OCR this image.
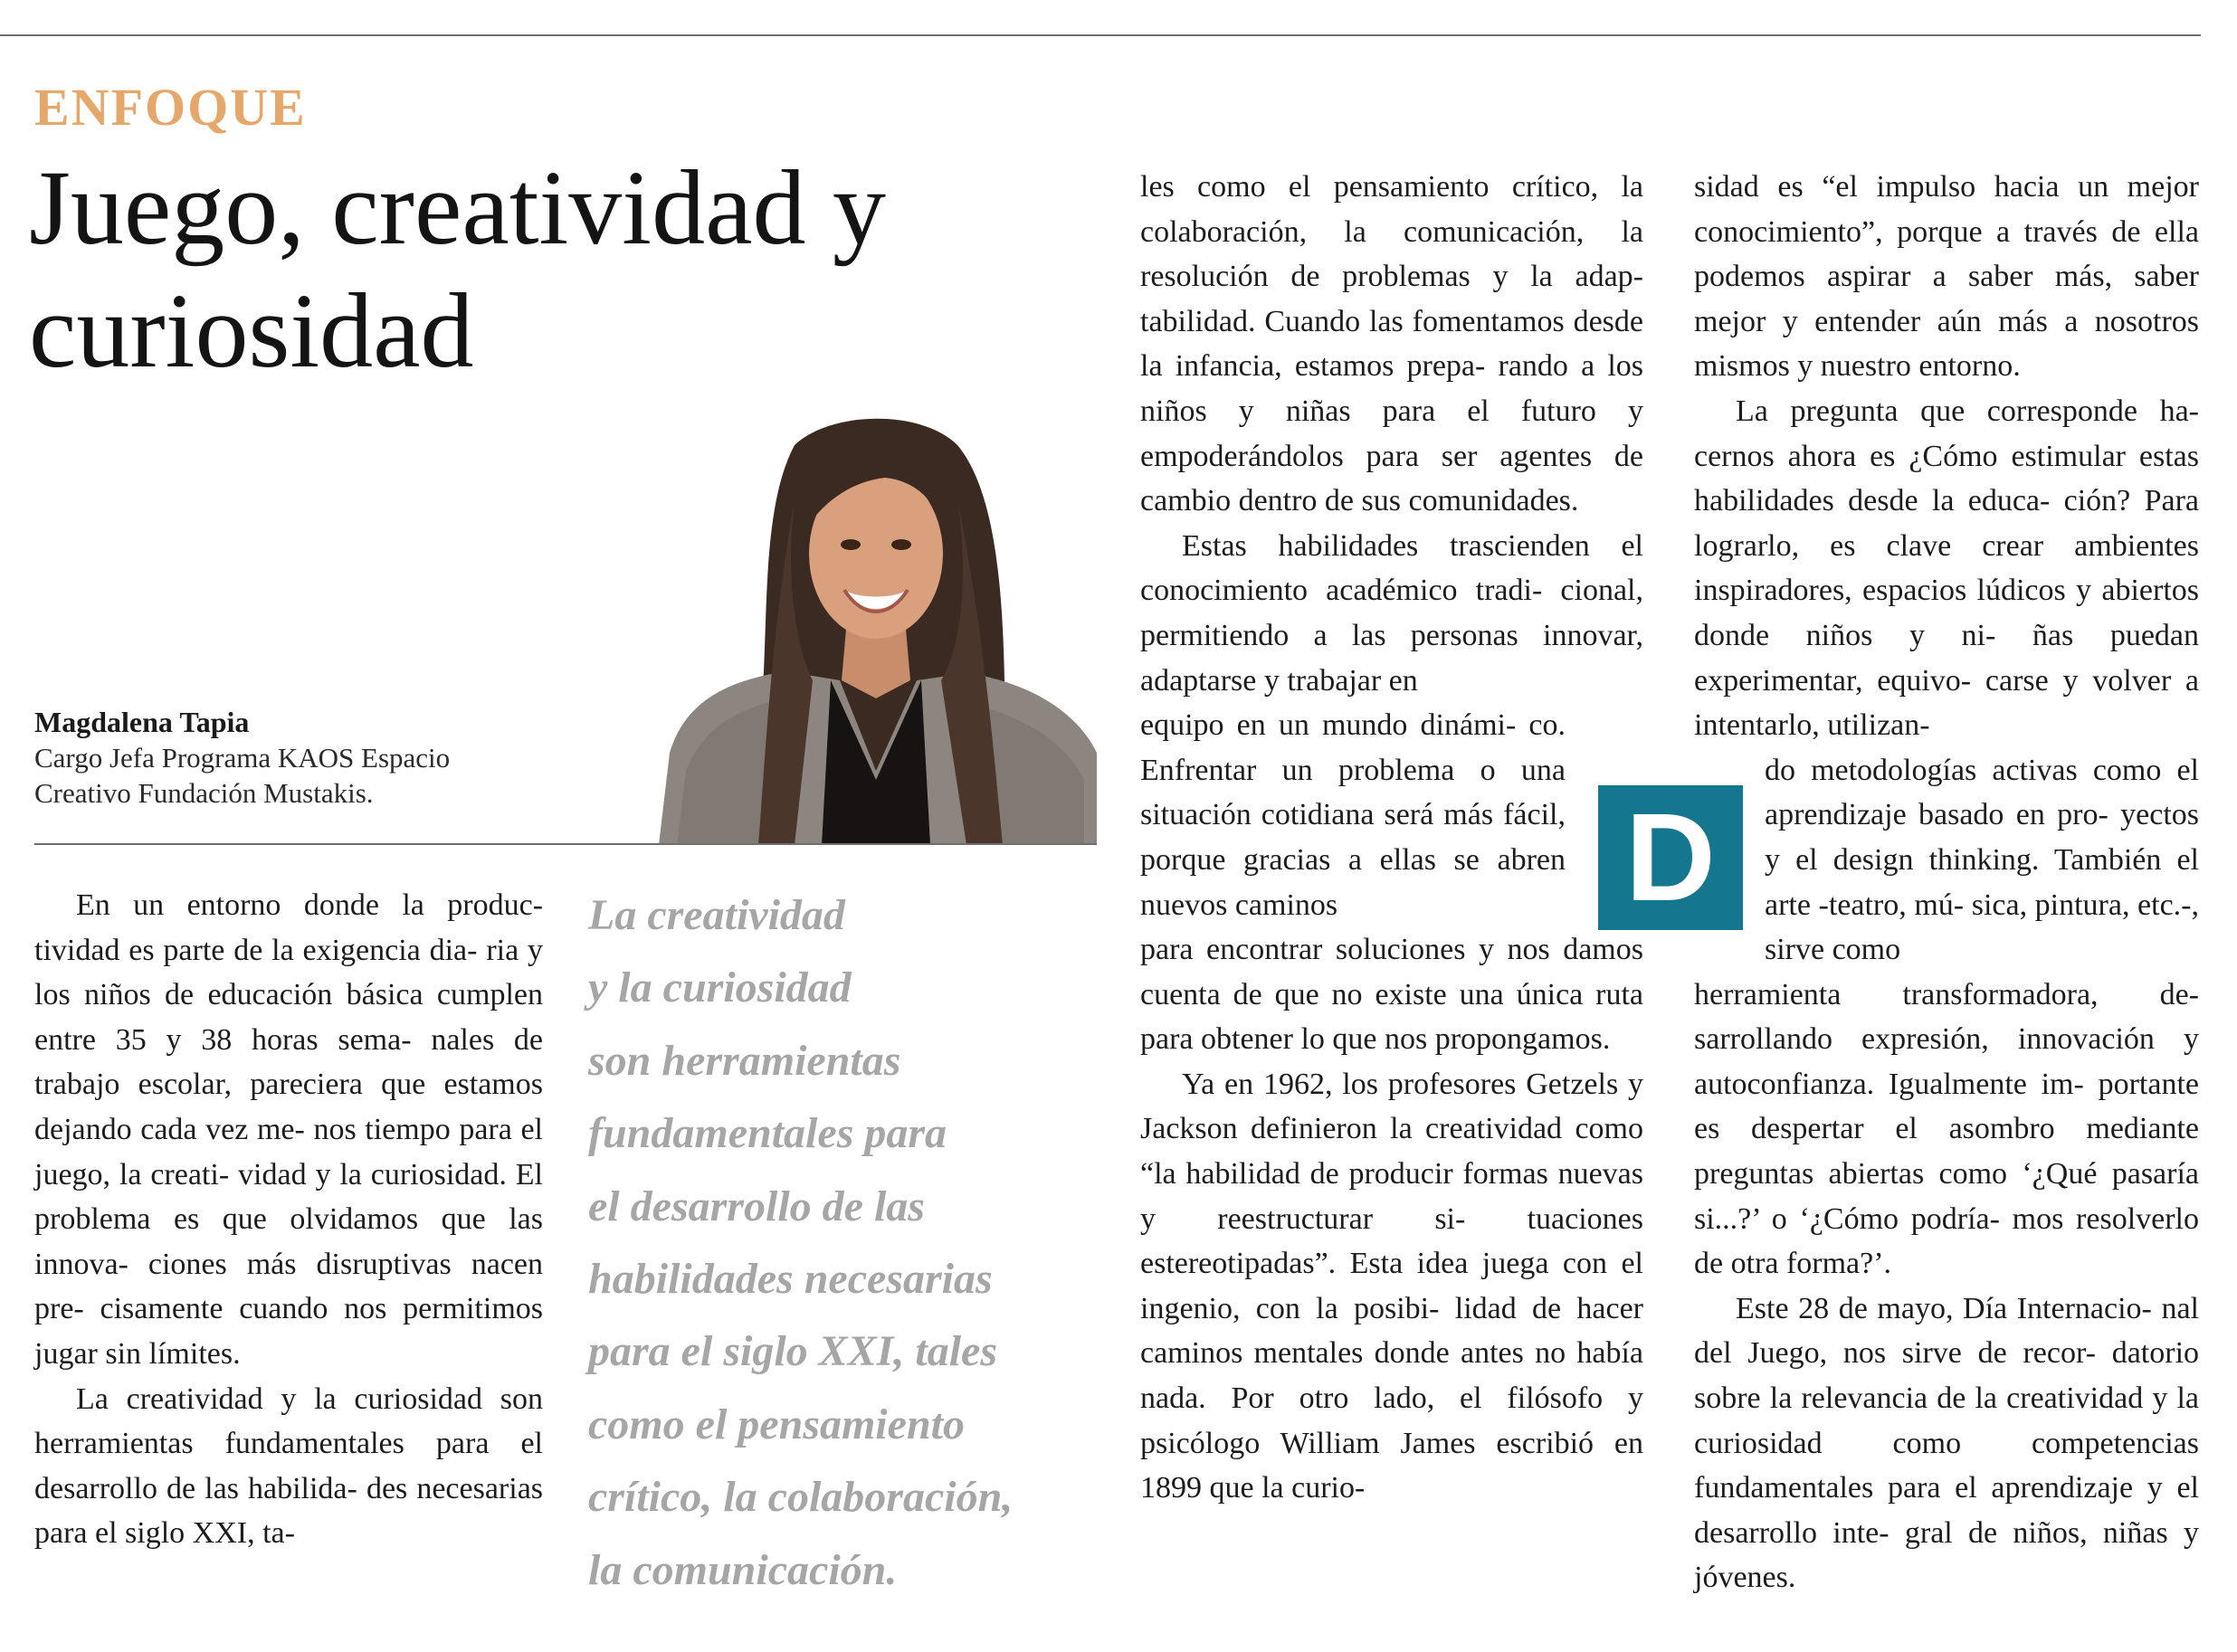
ENFOQUE
Juego, creatividad y
curiosidad
Magdalena Tapia
Cargo Jefa Programa KAOS Espacio
Creativo Fundación Mustakis.

En un entorno donde la produc- tividad es parte de la exigencia dia- ria y los niños de educación básica cumplen entre 35 y 38 horas sema- nales de trabajo escolar, pareciera que estamos dejando cada vez me- nos tiempo para el juego, la creati- vidad y la curiosidad. El problema es que olvidamos que las innova- ciones más disruptivas nacen pre- cisamente cuando nos permitimos jugar sin límites.

La creatividad y la curiosidad son herramientas fundamentales para el desarrollo de las habilida- des necesarias para el siglo XXI, ta-

La creatividad
y la curiosidad
son herramientas
fundamentales para
el desarrollo de las
habilidades necesarias
para el siglo XXI, tales
como el pensamiento
crítico, la colaboración,
la comunicación.

les como el pensamiento crítico, la colaboración, la comunicación, la resolución de problemas y la adap- tabilidad. Cuando las fomentamos desde la infancia, estamos prepa- rando a los niños y niñas para el futuro y empoderándolos para ser agentes de cambio dentro de sus comunidades.

Estas habilidades trascienden el conocimiento académico tradi- cional, permitiendo a las personas innovar, adaptarse y trabajar en

equipo en un mundo dinámi- co. Enfrentar un problema o una situación cotidiana será más fácil, porque gracias a ellas se abren nuevos caminos

para encontrar soluciones y nos damos cuenta de que no existe una única ruta para obtener lo que nos propongamos.

Ya en 1962, los profesores Getzels y Jackson definieron la creatividad como “la habilidad de producir formas nuevas y reestructurar si- tuaciones estereotipadas”. Esta idea juega con el ingenio, con la posibi- lidad de hacer caminos mentales donde antes no había nada. Por otro lado, el filósofo y psicólogo William James escribió en 1899 que la curio-

D

sidad es “el impulso hacia un mejor conocimiento”, porque a través de ella podemos aspirar a saber más, saber mejor y entender aún más a nosotros mismos y nuestro entorno.

La pregunta que corresponde ha- cernos ahora es ¿Cómo estimular estas habilidades desde la educa- ción? Para lograrlo, es clave crear ambientes inspiradores, espacios lúdicos y abiertos donde niños y ni- ñas puedan experimentar, equivo- carse y volver a intentarlo, utilizan-

do metodologías activas como el aprendizaje basado en pro- yectos y el design thinking. También el arte -teatro, mú- sica, pintura, etc.-, sirve como

herramienta transformadora, de- sarrollando expresión, innovación y autoconfianza. Igualmente im- portante es despertar el asombro mediante preguntas abiertas como ‘¿Qué pasaría si...?’ o ‘¿Cómo podría- mos resolverlo de otra forma?’.

Este 28 de mayo, Día Internacio- nal del Juego, nos sirve de recor- datorio sobre la relevancia de la creatividad y la curiosidad como competencias fundamentales para el aprendizaje y el desarrollo inte- gral de niños, niñas y jóvenes.
